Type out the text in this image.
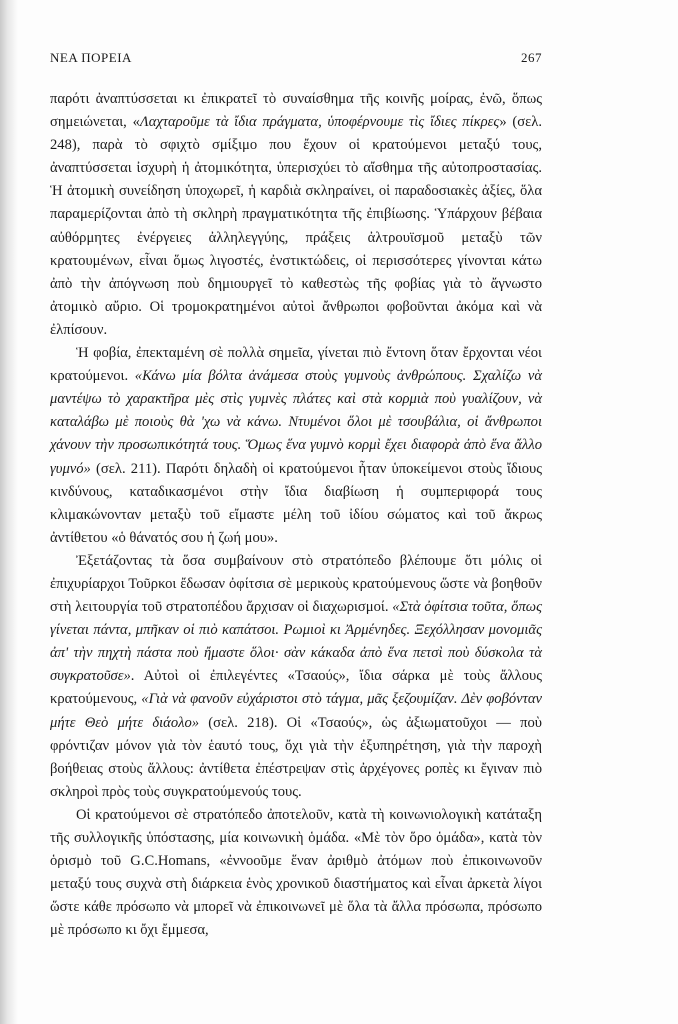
ΝΕΑ ΠΟΡΕΙΑ	267

παρότι ἀναπτύσσεται κι ἐπικρατεῖ τὸ συναίσθημα τῆς κοινῆς μοίρας, ἐνῶ, ὅπως σημειώνεται, «Λαχταροῦμε τὰ ἴδια πράγματα, ὑποφέρνουμε τὶς ἴδιες πίκρες» (σελ. 248), παρὰ τὸ σφιχτὸ σμίξιμο που ἔχουν οἱ κρατούμενοι μεταξύ τους, ἀναπτύσσεται ἰσχυρὴ ἡ ἀτομικότητα, ὑπερισχύει τὸ αἴσθημα τῆς αὐτοπροστασίας. Ἡ ἀτομικὴ συνείδηση ὑποχωρεῖ, ἡ καρδιὰ σκληραίνει, οἱ παραδοσιακὲς ἀξίες, ὅλα παραμερίζονται ἀπὸ τὴ σκληρὴ πραγματικότητα τῆς ἐπιβίωσης. Ὑπάρχουν βέβαια αὐθόρμητες ἐνέργειες ἀλληλεγγύης, πράξεις ἀλτρουϊσμοῦ μεταξὺ τῶν κρατουμένων, εἶναι ὅμως λιγοστές, ἐνστικτώδεις, οἱ περισσότερες γίνονται κάτω ἀπὸ τὴν ἀπόγνωση ποὺ δημιουργεῖ τὸ καθεστὼς τῆς φοβίας γιὰ τὸ ἄγνωστο ἀτομικὸ αὔριο. Οἱ τρομοκρατημένοι αὐτοὶ ἄνθρωποι φοβοῦνται ἀκόμα καὶ νὰ ἐλπίσουν.

Ἡ φοβία, ἐπεκταμένη σὲ πολλὰ σημεῖα, γίνεται πιὸ ἔντονη ὅταν ἔρχονται νέοι κρατούμενοι. «Κάνω μία βόλτα ἀνάμεσα στοὺς γυμνοὺς ἀνθρώπους. Σχαλίζω νὰ μαντέψω τὸ χαρακτῆρα μὲς στὶς γυμνὲς πλάτες καὶ στὰ κορμιὰ ποὺ γυαλίζουν, νὰ καταλάβω μὲ ποιοὺς θὰ 'χω νὰ κάνω. Ντυμένοι ὅλοι μὲ τσουβάλια, οἱ ἄνθρωποι χάνουν τὴν προσωπικότητά τους. Ὅμως ἕνα γυμνὸ κορμὶ ἔχει διαφορὰ ἀπὸ ἕνα ἄλλο γυμνό» (σελ. 211). Παρότι δηλαδὴ οἱ κρατούμενοι ἦταν ὑποκείμενοι στοὺς ἴδιους κινδύνους, καταδικασμένοι στὴν ἴδια διαβίωση ἡ συμπεριφορά τους κλιμακώνονταν μεταξὺ τοῦ εἴμαστε μέλη τοῦ ἰδίου σώματος καὶ τοῦ ἄκρως ἀντίθετου «ὁ θάνατός σου ἡ ζωή μου».

Ἐξετάζοντας τὰ ὅσα συμβαίνουν στὸ στρατόπεδο βλέπουμε ὅτι μόλις οἱ ἐπιχυρίαρχοι Τοῦρκοι ἔδωσαν ὀφίτσια σὲ μερικοὺς κρατούμενους ὥστε νὰ βοηθοῦν στὴ λειτουργία τοῦ στρατοπέδου ἄρχισαν οἱ διαχωρισμοί. «Στὰ ὀφίτσια τοῦτα, ὅπως γίνεται πάντα, μπῆκαν οἱ πιὸ καπάτσοι. Ρωμιοὶ κι Ἀρμένηδες. Ξεχόλλησαν μονομιᾶς ἀπ' τὴν πηχτὴ πάστα ποὺ ἤμαστε ὅλοι· σὰν κάκαδα ἀπὸ ἕνα πετσὶ ποὺ δύσκολα τὰ συγκρατοῦσε». Αὐτοὶ οἱ ἐπιλεγέντες «Τσαούς», ἴδια σάρκα μὲ τοὺς ἄλλους κρατούμενους, «Γιὰ νὰ φανοῦν εὐχάριστοι στὸ τάγμα, μᾶς ξεζουμίζαν. Δὲν φοβόνταν μήτε Θεὸ μήτε διάολο» (σελ. 218). Οἱ «Τσαούς», ὡς ἀξιωματοῦχοι — ποὺ φρόντιζαν μόνον γιὰ τὸν ἑαυτό τους, ὄχι γιὰ τὴν ἐξυπηρέτηση, γιὰ τὴν παροχὴ βοήθειας στοὺς ἄλλους: ἀντίθετα ἐπέστρεψαν στὶς ἀρχέγονες ροπὲς κι ἔγιναν πιὸ σκληροὶ πρὸς τοὺς συγκρατούμενούς τους.

Οἱ κρατούμενοι σὲ στρατόπεδο ἀποτελοῦν, κατὰ τὴ κοινωνιολογικὴ κατάταξη τῆς συλλογικῆς ὑπόστασης, μία κοινωνικὴ ὁμάδα. «Μὲ τὸν ὅρο ὁμάδα», κατὰ τὸν ὁρισμὸ τοῦ G.C.Homans, «ἐννοοῦμε ἕναν ἀριθμὸ ἀτόμων ποὺ ἐπικοινωνοῦν μεταξύ τους συχνὰ στὴ διάρκεια ἑνὸς χρονικοῦ διαστήματος καὶ εἶναι ἀρκετὰ λίγοι ὥστε κάθε πρόσωπο νὰ μπορεῖ νὰ ἐπικοινωνεῖ μὲ ὅλα τὰ ἄλλα πρόσωπα, πρόσωπο μὲ πρόσωπο κι ὄχι ἔμμεσα,
